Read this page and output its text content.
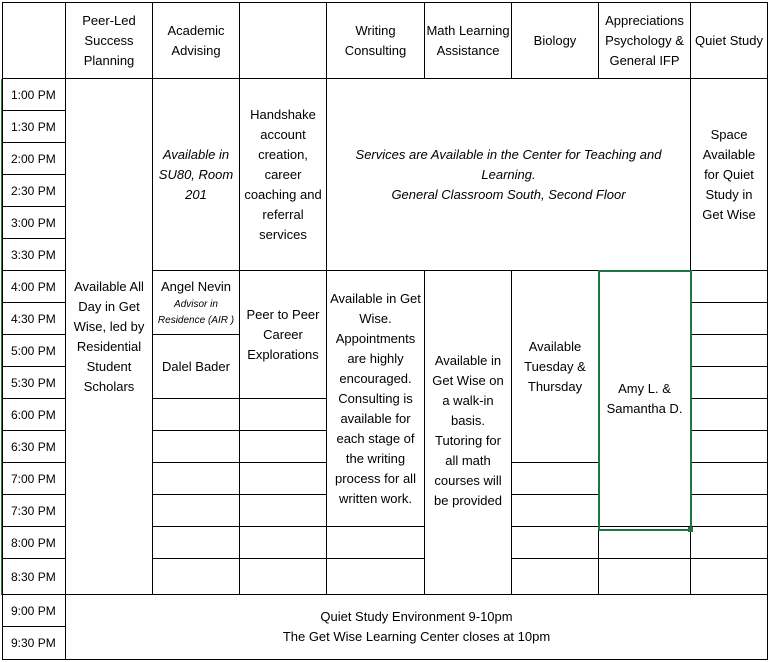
Peer-Led Success Planning
Academic Advising
Writing Consulting
Math Learning Assistance
Biology
Appreciations Psychology & General IFP
Quiet Study
1:00 PM
1:30 PM
2:00 PM
2:30 PM
3:00 PM
3:30 PM
4:00 PM
4:30 PM
5:00 PM
5:30 PM
6:00 PM
6:30 PM
7:00 PM
7:30 PM
8:00 PM
8:30 PM
9:00 PM
9:30 PM
Available All Day in Get Wise, led by Residential Student Scholars
Available in SU80, Room 201
Handshake account creation, career coaching and referral services
Services are Available in the Center for Teaching and Learning.
General Classroom South, Second Floor
Space Available for Quiet Study in Get Wise
Angel Nevin
Advisor in Residence (AIR )
Dalel Bader
Peer to Peer Career Explorations
Available in Get Wise. Appointments are highly encouraged. Consulting is available for each stage of the writing process for all written work.
Available in Get Wise on a walk-in basis. Tutoring for all math courses will be provided
Available Tuesday & Thursday	Amy L. & Samantha D.
Quiet Study Environment 9-10pm
The Get Wise Learning Center closes at 10pm
